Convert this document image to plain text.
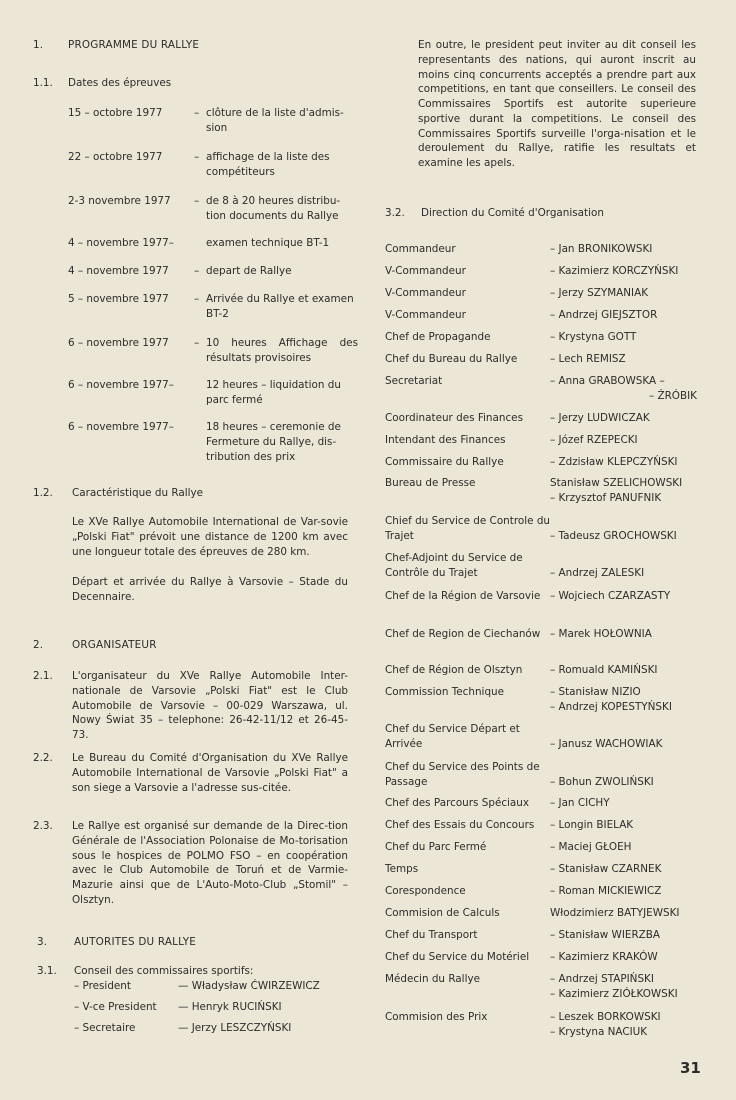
1. PROGRAMME DU RALLYE
1.1. Dates des épreuves
15 – octobre 1977	– clôture de la liste d'admis-sion
22 – octobre 1977	– affichage de la liste des compétiteurs
2-3 novembre 1977	– de 8 à 20 heures distribu-tion documents du Rallye
4 – novembre 1977–	examen technique BT-1
4 – novembre 1977	– depart de Rallye
5 – novembre 1977	– Arrivée du Rallye et examen BT-2
6 – novembre 1977	– 10 heures Affichage des résultats provisoires
6 – novembre 1977–	12 heures – liquidation du parc fermé
6 – novembre 1977–	18 heures – ceremonie de Fermeture du Rallye, dis-tribution des prix
1.2. Caractéristique du Rallye
Le XVe Rallye Automobile International de Var-sovie „Polski Fiat" prévoit une distance de 1200 km avec une longueur totale des épreuves de 280 km.
Départ et arrivée du Rallye à Varsovie – Stade du Decennaire.
2.	ORGANISATEUR
2.1. L'organisateur du XVe Rallye Automobile Inter-nationale de Varsovie „Polski Fiat" est le Club Automobile de Varsovie – 00-029 Warszawa, ul. Nowy Świat 35 – telephone: 26-42-11/12 et 26-45-73.
2.2. Le Bureau du Comité d'Organisation du XVe Rallye Automobile International de Varsovie „Polski Fiat" a son siege a Varsovie a l'adresse sus-citée.
2.3. Le Rallye est organisé sur demande de la Direc-tion Générale de l'Association Polonaise de Mo-torisation sous le hospices de POLMO FSO – en coopération avec le Club Automobile de Toruń et de Varmie-Mazurie ainsi que de L'Auto-Moto-Club „Stomil" – Olsztyn.
3.	AUTORITES DU RALLYE
3.1. Conseil des commissaires sportifs:
– President	— Władysław ĆWIRZEWICZ
– V-ce President	— Henryk RUCIŃSKI
– Secretaire	— Jerzy LESZCZYŃSKI
En outre, le president peut inviter au dit conseil les representants des nations, qui auront inscrit au moins cinq concurrents acceptés a prendre part aux competitions, en tant que conseillers. Le conseil des Commissaires Sportifs est autorite superieure sportive durant la competitions. Le conseil des Commissaires Sportifs surveille l'orga-nisation et le deroulement du Rallye, ratifie les resultats et examine les apels.
3.2. Direction du Comité d'Organisation
Commandeur	– Jan BRONIKOWSKI
V-Commandeur	– Kazimierz KORCZYŃSKI
V-Commandeur	– Jerzy SZYMANIAK
V-Commandeur	– Andrzej GIEJSZTOR
Chef de Propagande	– Krystyna GOTT
Chef du Bureau du Rallye	– Lech REMISZ
Secretariat	– Anna GRABOWSKA –
– ŻRÓBIK
Coordinateur des Finances	– Jerzy LUDWICZAK
Intendant des Finances	– Józef RZEPECKI
Commissaire du Rallye	– Zdzisław KLEPCZYŃSKI
Bureau de Presse	Stanisław SZELICHOWSKI
– Krzysztof PANUFNIK
Chief du Service de Controle du Trajet	– Tadeusz GROCHOWSKI
Chef-Adjoint du Service de Contrôle du Trajet	– Andrzej ZALESKI
Chef de la Région de Varsovie – Wojciech CZARZASTY
Chef de Region de Ciechanów – Marek HOŁOWNIA
Chef de Région de Olsztyn	– Romuald KAMIŃSKI
Commission Technique	– Stanisław NIZIO
– Andrzej KOPESTYŃSKI
Chef du Service Départ et Arrivée	– Janusz WACHOWIAK
Chef du Service des Points de Passage	– Bohun ZWOLIŃSKI
Chef des Parcours Spéciaux	– Jan CICHY
Chef des Essais du Concours	– Longin BIELAK
Chef du Parc Fermé	– Maciej GŁOEH
Temps	– Stanisław CZARNEK
Corespondence	– Roman MICKIEWICZ
Commision de Calculs	Włodzimierz BATYJEWSKI
Chef du Transport	– Stanisław WIERZBA
Chef du Service du Motériel	– Kazimierz KRAKÓW
Médecin du Rallye	– Andrzej STAPIŃSKI
– Kazimierz ZIÓŁKOWSKI
Commision des Prix	– Leszek BORKOWSKI
– Krystyna NACIUK
31
